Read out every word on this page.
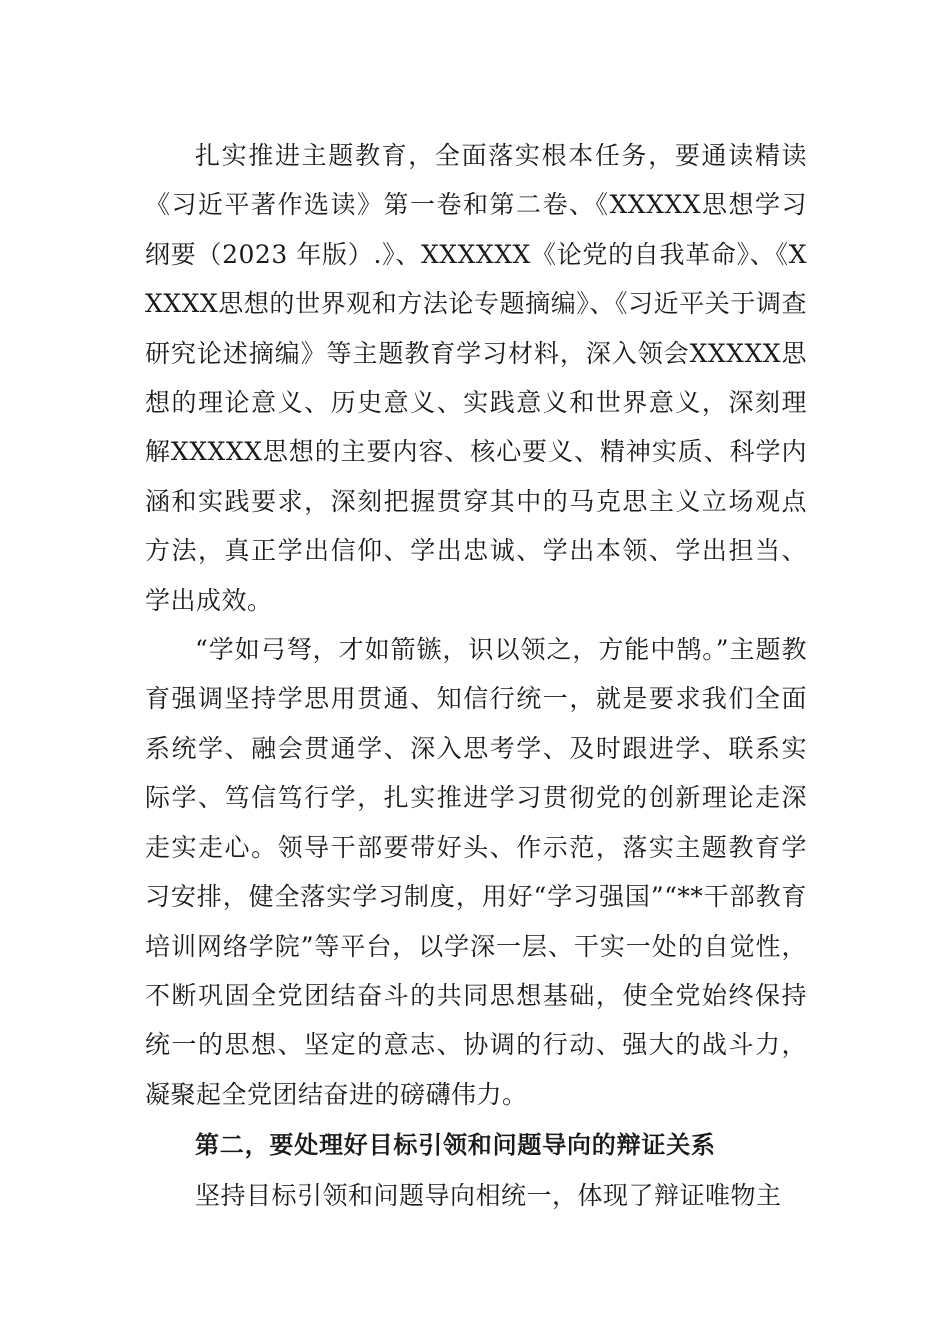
扎实推进主题教育，全面落实根本任务，要通读精读《习近平著作选读》第一卷和第二卷、《XXXXX思想学习纲要（2023 年版）.》、XXXXXX《论党的自我革命》、《XXXXX思想的世界观和方法论专题摘编》、《习近平关于调查研究论述摘编》等主题教育学习材料，深入领会XXXXX思想的理论意义、历史意义、实践意义和世界意义，深刻理解XXXXX思想的主要内容、核心要义、精神实质、科学内涵和实践要求，深刻把握贯穿其中的马克思主义立场观点方法，真正学出信仰、学出忠诚、学出本领、学出担当、学出成效。

“学如弓弩，才如箭镞，识以领之，方能中鹄。”主题教育强调坚持学思用贯通、知信行统一，就是要求我们全面系统学、融会贯通学、深入思考学、及时跟进学、联系实际学、笃信笃行学，扎实推进学习贯彻党的创新理论走深走实走心。领导干部要带好头、作示范，落实主题教育学习安排，健全落实学习制度，用好“学习强国”“**干部教育培训网络学院”等平台，以学深一层、干实一处的自觉性，不断巩固全党团结奋斗的共同思想基础，使全党始终保持统一的思想、坚定的意志、协调的行动、强大的战斗力，凝聚起全党团结奋进的磅礴伟力。

第二，要处理好目标引领和问题导向的辩证关系

坚持目标引领和问题导向相统一，体现了辩证唯物主
